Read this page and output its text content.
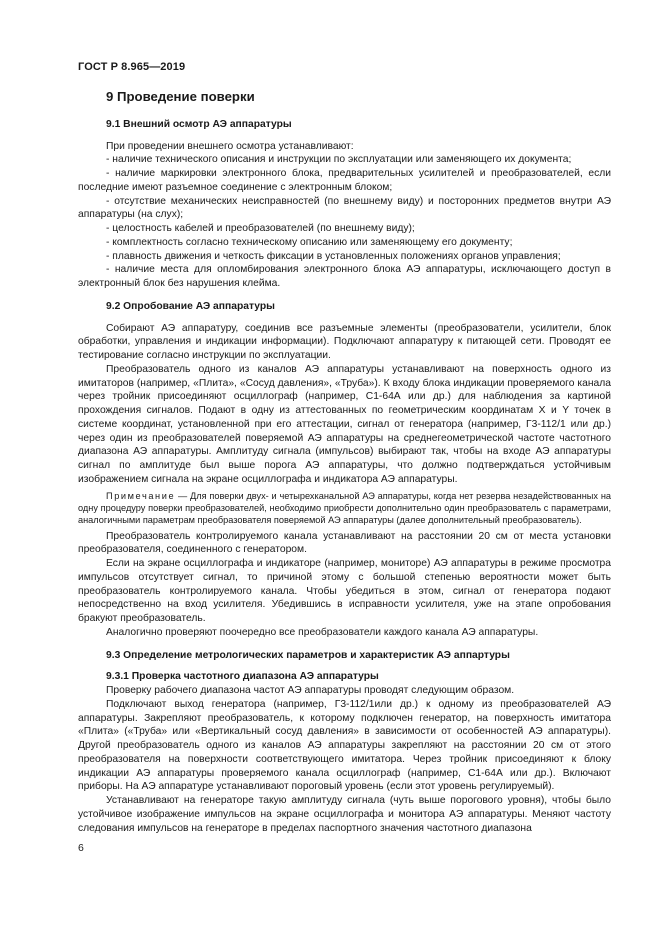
ГОСТ Р 8.965—2019
9 Проведение поверки
9.1 Внешний осмотр АЭ аппаратуры

При проведении внешнего осмотра устанавливают:

- наличие технического описания и инструкции по эксплуатации или заменяющего их документа;

- наличие маркировки электронного блока, предварительных усилителей и преобразователей, если последние имеют разъемное соединение с электронным блоком;

- отсутствие механических неисправностей (по внешнему виду) и посторонних предметов внутри АЭ аппаратуры (на слух);

- целостность кабелей и преобразователей (по внешнему виду);

- комплектность согласно техническому описанию или заменяющему его документу;

- плавность движения и четкость фиксации в установленных положениях органов управления;

- наличие места для опломбирования электронного блока АЭ аппаратуры, исключающего доступ в электронный блок без нарушения клейма.

9.2 Опробование АЭ аппаратуры

Собирают АЭ аппаратуру, соединив все разъемные элементы (преобразователи, усилители, блок обработки, управления и индикации информации). Подключают аппаратуру к питающей сети. Проводят ее тестирование согласно инструкции по эксплуатации.

Преобразователь одного из каналов АЭ аппаратуры устанавливают на поверхность одного из имитаторов (например, «Плита», «Сосуд давления», «Труба»). К входу блока индикации проверяемого канала через тройник присоединяют осциллограф (например, С1-64А или др.) для наблюдения за картиной прохождения сигналов. Подают в одну из аттестованных по геометрическим координатам X и Y точек в системе координат, установленной при его аттестации, сигнал от генератора (например, Г3-112/1 или др.) через один из преобразователей поверяемой АЭ аппаратуры на среднегеометрической частоте частотного диапазона АЭ аппаратуры. Амплитуду сигнала (импульсов) выбирают так, чтобы на входе АЭ аппаратуры сигнал по амплитуде был выше порога АЭ аппаратуры, что должно подтверждаться устойчивым изображением сигнала на экране осциллографа и индикатора АЭ аппаратуры.

Примечание — Для поверки двух- и четырехканальной АЭ аппаратуры, когда нет резерва незадействованных на одну процедуру поверки преобразователей, необходимо приобрести дополнительно один преобразователь с параметрами, аналогичными параметрам преобразователя поверяемой АЭ аппаратуры (далее дополнительный преобразователь).

Преобразователь контролируемого канала устанавливают на расстоянии 20 см от места установки преобразователя, соединенного с генератором.

Если на экране осциллографа и индикаторе (например, мониторе) АЭ аппаратуры в режиме просмотра импульсов отсутствует сигнал, то причиной этому с большой степенью вероятности может быть преобразователь контролируемого канала. Чтобы убедиться в этом, сигнал от генератора подают непосредственно на вход усилителя. Убедившись в исправности усилителя, уже на этапе опробования бракуют преобразователь.

Аналогично проверяют поочередно все преобразователи каждого канала АЭ аппаратуры.

9.3 Определение метрологических параметров и характеристик АЭ аппартуры
9.3.1 Проверка частотного диапазона АЭ аппаратуры

Проверку рабочего диапазона частот АЭ аппаратуры проводят следующим образом.

Подключают выход генератора (например, Г3-112/1или др.) к одному из преобразователей АЭ аппаратуры. Закрепляют преобразователь, к которому подключен генератор, на поверхность имитатора «Плита» («Труба» или «Вертикальный сосуд давления» в зависимости от особенностей АЭ аппаратуры). Другой преобразователь одного из каналов АЭ аппаратуры закрепляют на расстоянии 20 см от этого преобразователя на поверхности соответствующего имитатора. Через тройник присоединяют к блоку индикации АЭ аппаратуры проверяемого канала осциллограф (например, С1-64А или др.). Включают приборы. На АЭ аппаратуре устанавливают пороговый уровень (если этот уровень регулируемый).

Устанавливают на генераторе такую амплитуду сигнала (чуть выше порогового уровня), чтобы было устойчивое изображение импульсов на экране осциллографа и монитора АЭ аппаратуры. Меняют частоту следования импульсов на генераторе в пределах паспортного значения частотного диапазона

6
